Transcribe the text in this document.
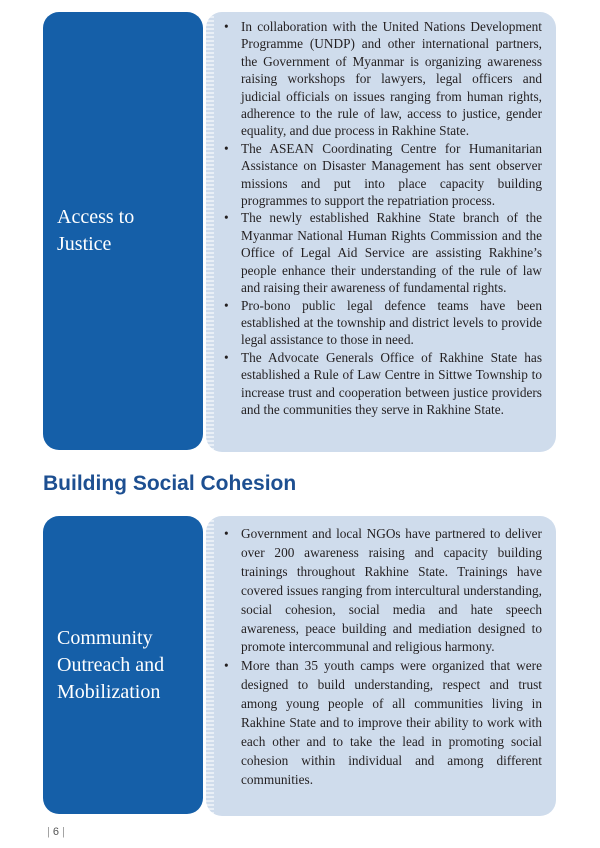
Access to
Justice
• In collaboration with the United Nations Development Programme (UNDP) and other international partners, the Government of Myanmar is organizing awareness raising workshops for lawyers, legal officers and judicial officials on issues ranging from human rights, adherence to the rule of law, access to justice, gender equality, and due process in Rakhine State.
• The ASEAN Coordinating Centre for Humanitarian Assistance on Disaster Management has sent observer missions and put into place capacity building programmes to support the repatriation process.
• The newly established Rakhine State branch of the Myanmar National Human Rights Commission and the Office of Legal Aid Service are assisting Rakhine’s people enhance their understanding of the rule of law and raising their awareness of fundamental rights.
• Pro-bono public legal defence teams have been established at the township and district levels to provide legal assistance to those in need.
• The Advocate Generals Office of Rakhine State has established a Rule of Law Centre in Sittwe Township to increase trust and cooperation between justice providers and the communities they serve in Rakhine State.
Building Social Cohesion
Community
Outreach and
Mobilization
• Government and local NGOs have partnered to deliver over 200 awareness raising and capacity building trainings throughout Rakhine State. Trainings have covered issues ranging from intercultural understanding, social cohesion, social media and hate speech awareness, peace building and mediation designed to promote intercommunal and religious harmony.
• More than 35 youth camps were organized that were designed to build understanding, respect and trust among young people of all communities living in Rakhine State and to improve their ability to work with each other and to take the lead in promoting social cohesion within individual and among different communities.
| 6 |
